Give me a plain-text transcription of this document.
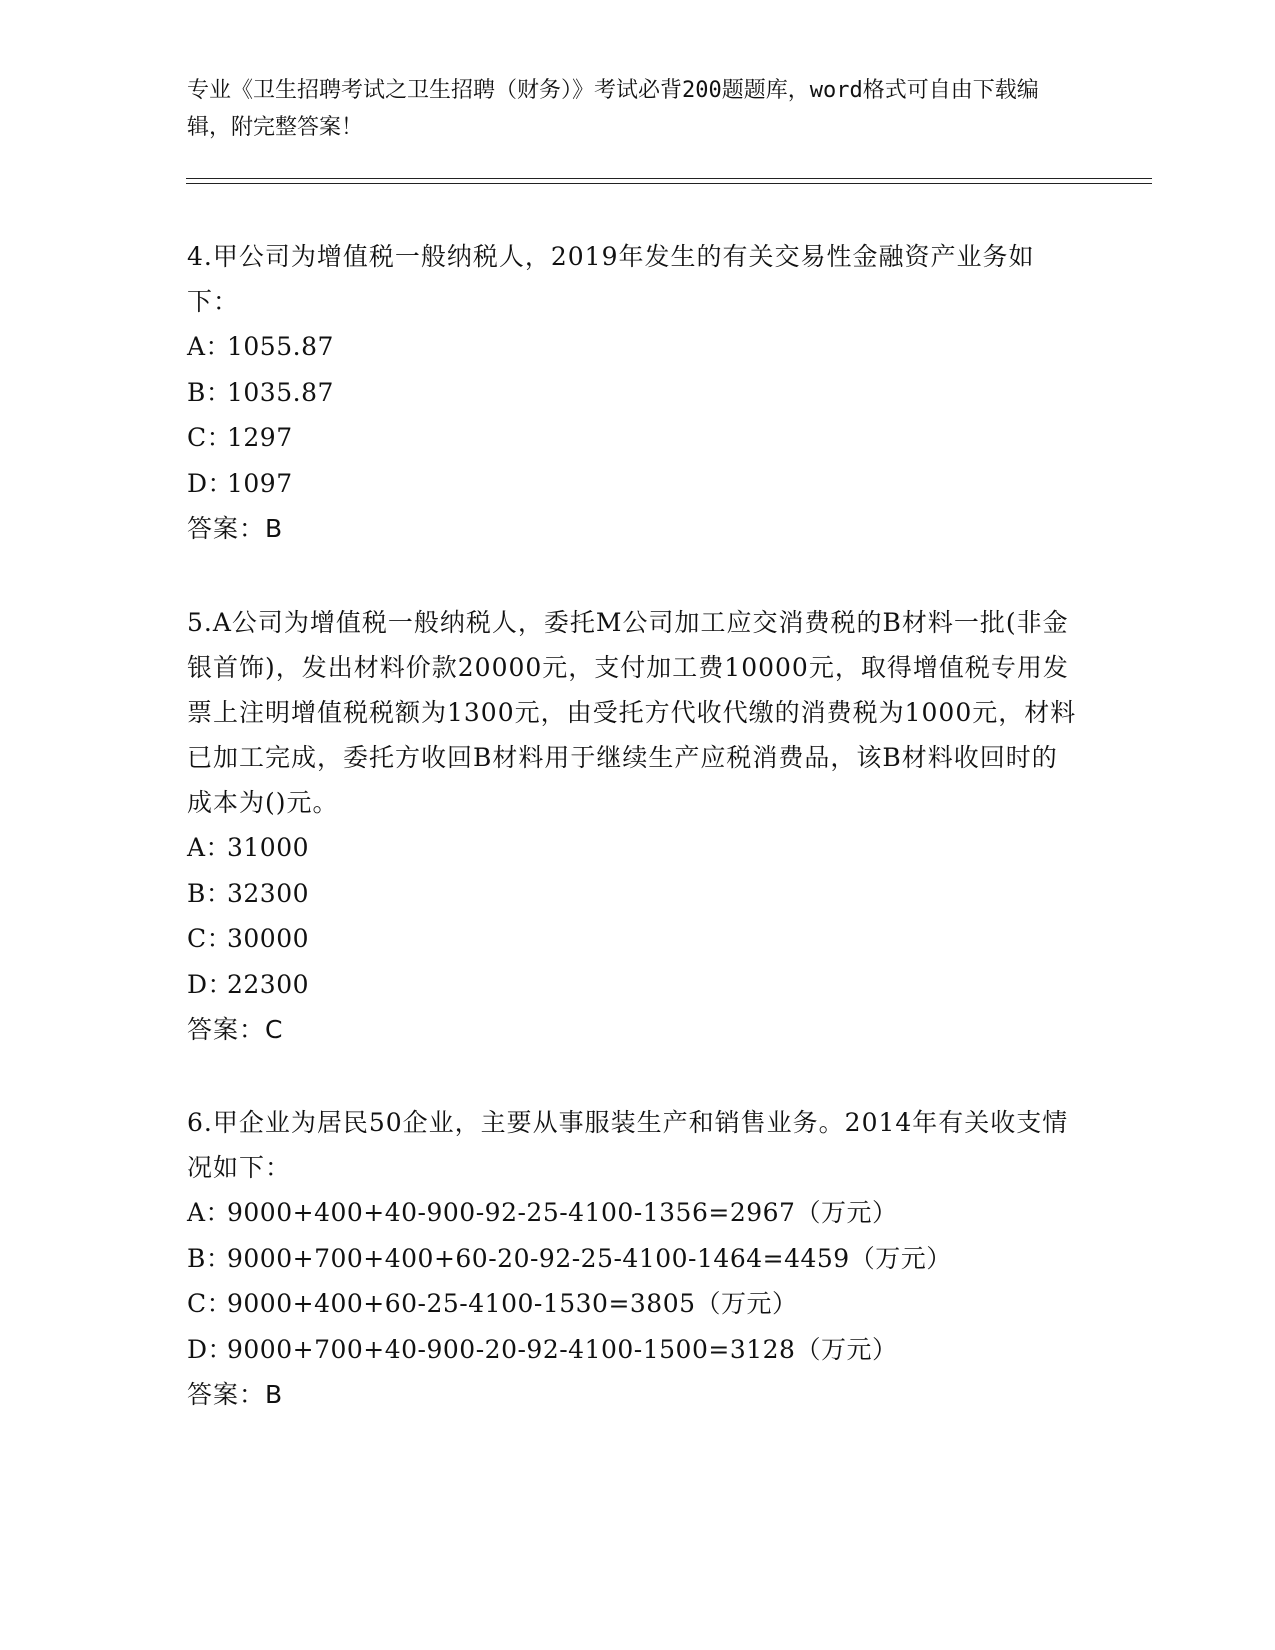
专业《卫生招聘考试之卫生招聘（财务）》考试必背200题题库，word格式可自由下载编辑，附完整答案！

4.甲公司为增值税一般纳税人，2019年发生的有关交易性金融资产业务如下：

A：1055.87
B：1035.87
C：1297
D：1097
答案：B

5.A公司为增值税一般纳税人，委托M公司加工应交消费税的B材料一批(非金银首饰)，发出材料价款20000元，支付加工费10000元，取得增值税专用发票上注明增值税税额为1300元，由受托方代收代缴的消费税为1000元，材料已加工完成，委托方收回B材料用于继续生产应税消费品，该B材料收回时的成本为()元。

A：31000
B：32300
C：30000
D：22300
答案：C

6.甲企业为居民50企业，主要从事服装生产和销售业务。2014年有关收支情况如下：

A：9000+400+40-900-92-25-4100-1356=2967（万元）
B：9000+700+400+60-20-92-25-4100-1464=4459（万元）
C：9000+400+60-25-4100-1530=3805（万元）
D：9000+700+40-900-20-92-4100-1500=3128（万元）
答案：B
